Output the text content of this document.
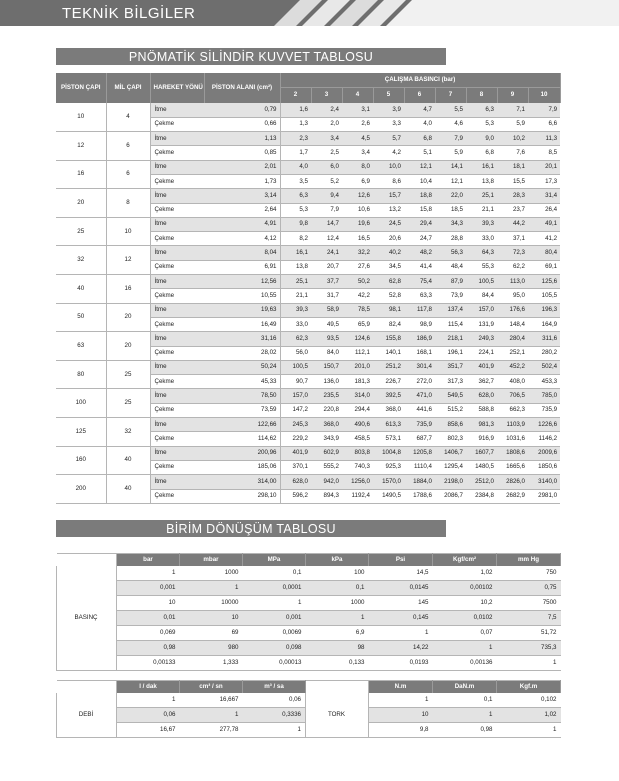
TEKNİK BİLGİLER
PNÖMATİK SİLİNDİR KUVVET TABLOSU
PİSTON ÇAPI	MİL ÇAPI	HAREKET YÖNÜ	PİSTON ALANI (cm²)	ÇALIŞMA BASINCI (bar)								
				2	3	4	5	6	7	8	9	10
10	4	İtme	0,79	1,6	2,4	3,1	3,9	4,7	5,5	6,3	7,1	7,9
		Çekme	0,66	1,3	2,0	2,6	3,3	4,0	4,6	5,3	5,9	6,6
12	6	İtme	1,13	2,3	3,4	4,5	5,7	6,8	7,9	9,0	10,2	11,3
		Çekme	0,85	1,7	2,5	3,4	4,2	5,1	5,9	6,8	7,6	8,5
16	6	İtme	2,01	4,0	6,0	8,0	10,0	12,1	14,1	16,1	18,1	20,1
		Çekme	1,73	3,5	5,2	6,9	8,6	10,4	12,1	13,8	15,5	17,3
20	8	İtme	3,14	6,3	9,4	12,6	15,7	18,8	22,0	25,1	28,3	31,4
		Çekme	2,64	5,3	7,9	10,6	13,2	15,8	18,5	21,1	23,7	26,4
25	10	İtme	4,91	9,8	14,7	19,6	24,5	29,4	34,3	39,3	44,2	49,1
		Çekme	4,12	8,2	12,4	16,5	20,6	24,7	28,8	33,0	37,1	41,2
32	12	İtme	8,04	16,1	24,1	32,2	40,2	48,2	56,3	64,3	72,3	80,4
		Çekme	6,91	13,8	20,7	27,6	34,5	41,4	48,4	55,3	62,2	69,1
40	16	İtme	12,56	25,1	37,7	50,2	62,8	75,4	87,9	100,5	113,0	125,6
		Çekme	10,55	21,1	31,7	42,2	52,8	63,3	73,9	84,4	95,0	105,5
50	20	İtme	19,63	39,3	58,9	78,5	98,1	117,8	137,4	157,0	176,6	196,3
		Çekme	16,49	33,0	49,5	65,9	82,4	98,9	115,4	131,9	148,4	164,9
63	20	İtme	31,16	62,3	93,5	124,6	155,8	186,9	218,1	249,3	280,4	311,6
		Çekme	28,02	56,0	84,0	112,1	140,1	168,1	196,1	224,1	252,1	280,2
80	25	İtme	50,24	100,5	150,7	201,0	251,2	301,4	351,7	401,9	452,2	502,4
		Çekme	45,33	90,7	136,0	181,3	226,7	272,0	317,3	362,7	408,0	453,3
100	25	İtme	78,50	157,0	235,5	314,0	392,5	471,0	549,5	628,0	706,5	785,0
		Çekme	73,59	147,2	220,8	294,4	368,0	441,6	515,2	588,8	662,3	735,9
125	32	İtme	122,66	245,3	368,0	490,6	613,3	735,9	858,6	981,3	1103,9	1226,6
		Çekme	114,62	229,2	343,9	458,5	573,1	687,7	802,3	916,9	1031,6	1146,2
160	40	İtme	200,96	401,9	602,9	803,8	1004,8	1205,8	1406,7	1607,7	1808,6	2009,6
		Çekme	185,06	370,1	555,2	740,3	925,3	1110,4	1295,4	1480,5	1665,6	1850,6
200	40	İtme	314,00	628,0	942,0	1256,0	1570,0	1884,0	2198,0	2512,0	2826,0	3140,0
		Çekme	298,10	596,2	894,3	1192,4	1490,5	1788,6	2086,7	2384,8	2682,9	2981,0
BİRİM DÖNÜŞÜM TABLOSU
	bar	mbar	MPa	kPa	Psi	Kgf/cm²	mm Hg
BASINÇ	1	1000	0,1	100	14,5	1,02	750
	0,001	1	0,0001	0,1	0,0145	0,00102	0,75
	10	10000	1	1000	145	10,2	7500
	0,01	10	0,001	1	0,145	0,0102	7,5
	0,069	69	0,0069	6,9	1	0,07	51,72
	0,98	980	0,098	98	14,22	1	735,3
	0,00133	1,333	0,00013	0,133	0,0193	0,00136	1
	l / dak	cm³ / sn	m³ / sa		N.m	DaN.m	Kgf.m
DEBİ	1	16,667	0,06	TORK	1	0,1	0,102
	0,06	1	0,3336		10	1	1,02
	16,67	277,78	1		9,8	0,98	1
